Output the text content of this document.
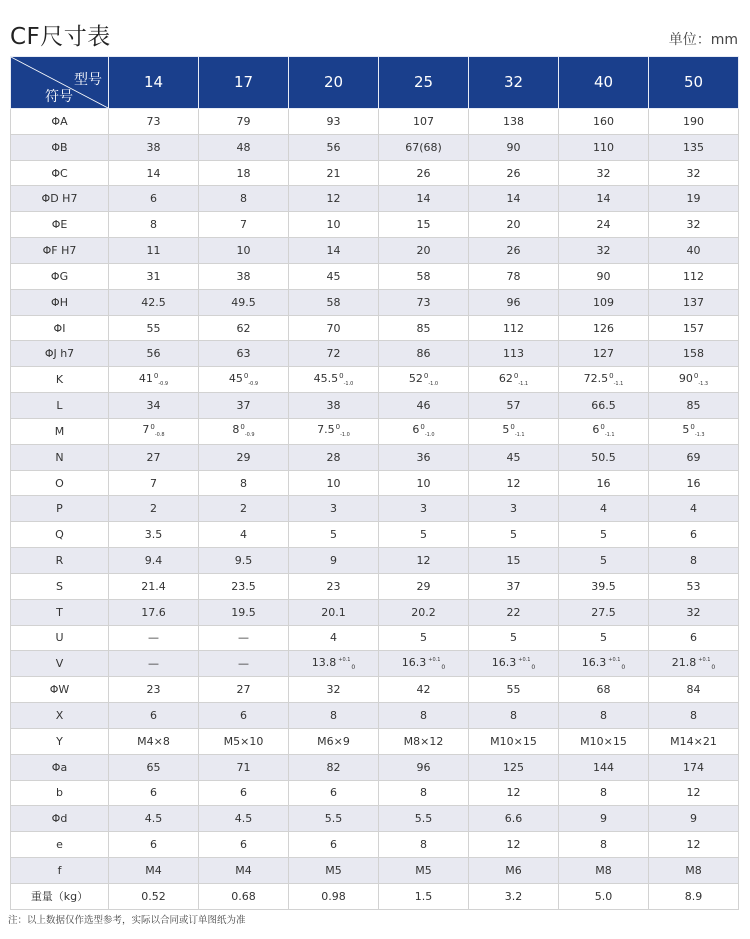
CF尺寸表	单位：mm
型号
符号	14	17	20	25	32	40	50
ΦA	73	79	93	107	138	160	190
ΦB	38	48	56	67(68)	90	110	135
ΦC	14	18	21	26	26	32	32
ΦD H7	6	8	12	14	14	14	19
ΦE	8	7	10	15	20	24	32
ΦF H7	11	10	14	20	26	32	40
ΦG	31	38	45	58	78	90	112
ΦH	42.5	49.5	58	73	96	109	137
ΦI	55	62	70	85	112	126	157
ΦJ h7	56	63	72	86	113	127	158
K	$41^0_{-0.9}$	$45^0_{-0.9}$	$45.5^0_{-1.0}$	$52^0_{-1.0}$	$62^0_{-1.1}$	$72.5^0_{-1.1}$	$90^0_{-1.3}$
L	34	37	38	46	57	66.5	85
M	$7^0_{-0.8}$	$8^0_{-0.9}$	$7.5^0_{-1.0}$	$6^0_{-1.0}$	$5^0_{-1.1}$	$6^0_{-1.1}$	$5^0_{-1.3}$
N	27	29	28	36	45	50.5	69
O	7	8	10	10	12	16	16
P	2	2	3	3	3	4	4
Q	3.5	4	5	5	5	5	6
R	9.4	9.5	9	12	15	5	8
S	21.4	23.5	23	29	37	39.5	53
T	17.6	19.5	20.1	20.2	22	27.5	32
U	—	—	4	5	5	5	6
V	—	—	13.8 $^{+0.1}_0$	16.3 $^{+0.1}_0$	16.3 $^{+0.1}_0$	16.3 $^{+0.1}_0$	21.8 $^{+0.1}_0$
ΦW	23	27	32	42	55	68	84
X	6	6	8	8	8	8	8
Y	M4×8	M5×10	M6×9	M8×12	M10×15	M10×15	M14×21
Φa	65	71	82	96	125	144	174
b	6	6	6	8	12	8	12
Φd	4.5	4.5	5.5	5.5	6.6	9	9
e	6	6	6	8	12	8	12
f	M4	M4	M5	M5	M6	M8	M8
重量（kg）	0.52	0.68	0.98	1.5	3.2	5.0	8.9
注：以上数据仅作选型参考，实际以合同或订单图纸为准
